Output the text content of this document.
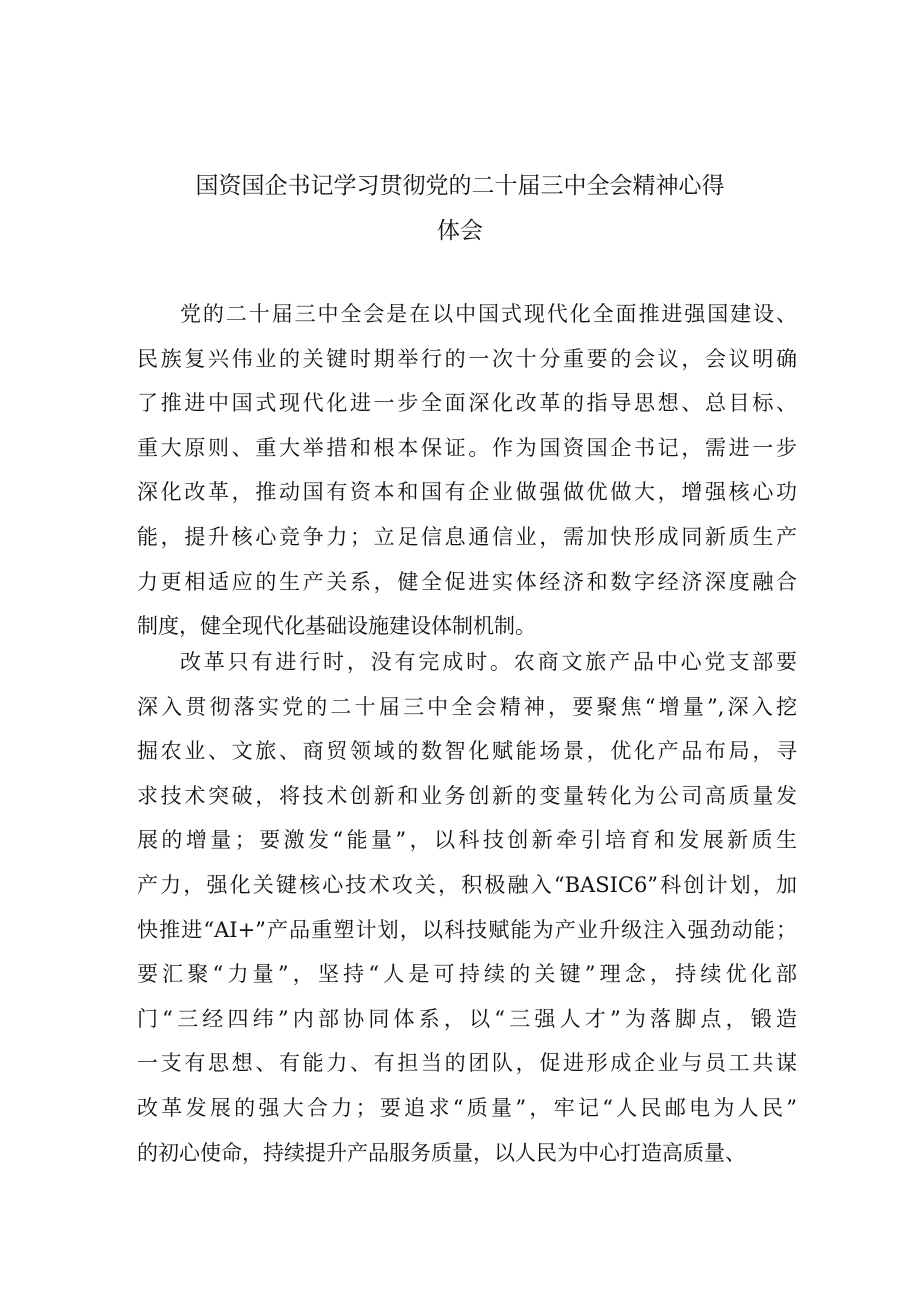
国资国企书记学习贯彻党的二十届三中全会精神心得
体会
党的二十届三中全会是在以中国式现代化全面推进强国建设、
民族复兴伟业的关键时期举行的一次十分重要的会议，会议明确
了推进中国式现代化进一步全面深化改革的指导思想、总目标、
重大原则、重大举措和根本保证。作为国资国企书记，需进一步
深化改革，推动国有资本和国有企业做强做优做大，增强核心功
能，提升核心竞争力；立足信息通信业，需加快形成同新质生产
力更相适应的生产关系，健全促进实体经济和数字经济深度融合
制度，健全现代化基础设施建设体制机制。
改革只有进行时，没有完成时。农商文旅产品中心党支部要
深入贯彻落实党的二十届三中全会精神，要聚焦“增量”,深入挖
掘农业、文旅、商贸领域的数智化赋能场景，优化产品布局，寻
求技术突破，将技术创新和业务创新的变量转化为公司高质量发
展的增量；要激发“能量”，以科技创新牵引培育和发展新质生
产力，强化关键核心技术攻关，积极融入“BASIC6”科创计划，加
快推进“AI+”产品重塑计划，以科技赋能为产业升级注入强劲动能；
要汇聚“力量”，坚持“人是可持续的关键”理念，持续优化部
门“三经四纬”内部协同体系，以“三强人才”为落脚点，锻造
一支有思想、有能力、有担当的团队，促进形成企业与员工共谋
改革发展的强大合力；要追求“质量”，牢记“人民邮电为人民”
的初心使命，持续提升产品服务质量，以人民为中心打造高质量、
